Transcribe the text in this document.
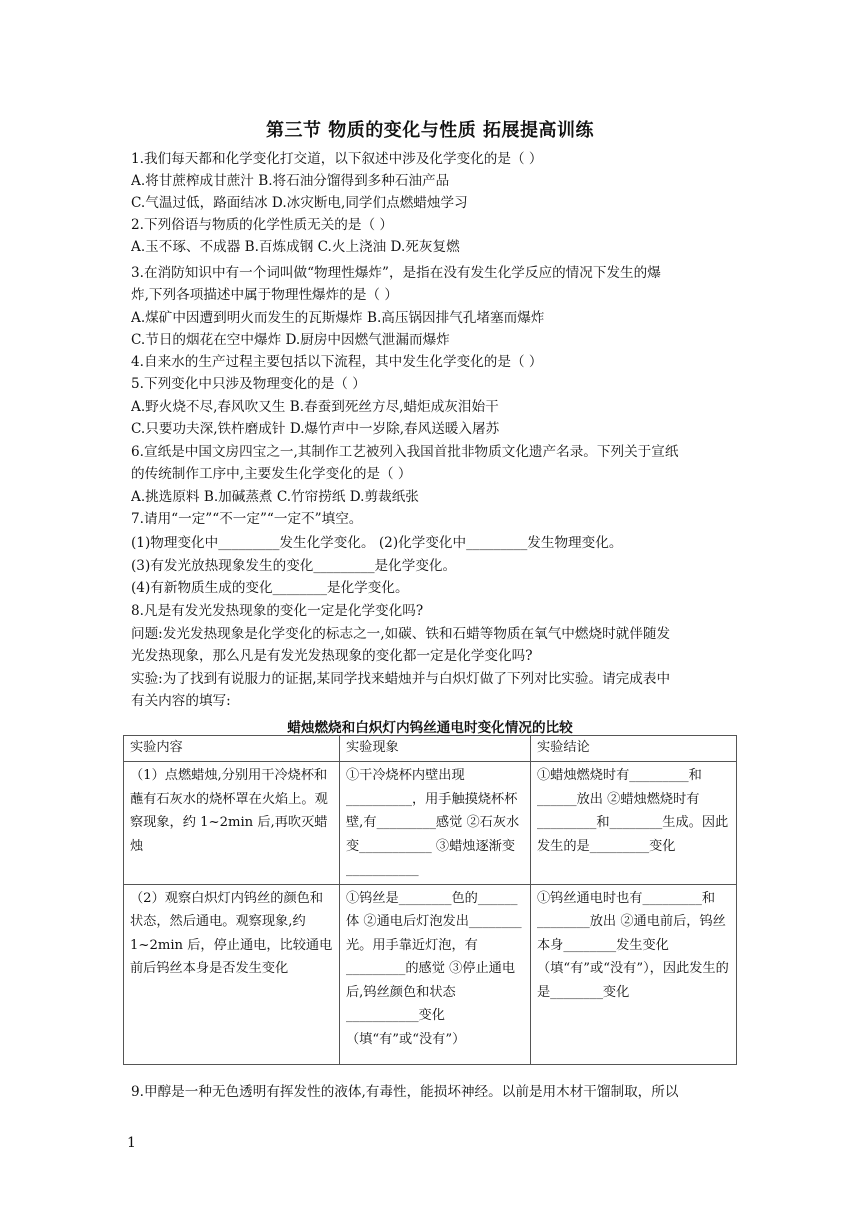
第三节 物质的变化与性质 拓展提高训练
1.我们每天都和化学变化打交道，以下叙述中涉及化学变化的是（ ）
A.将甘蔗榨成甘蔗汁 B.将石油分馏得到多种石油产品
C.气温过低，路面结冰 D.冰灾断电,同学们点燃蜡烛学习
2.下列俗语与物质的化学性质无关的是（ ）
A.玉不琢、不成器 B.百炼成钢 C.火上浇油 D.死灰复燃
3.在消防知识中有一个词叫做“物理性爆炸”，是指在没有发生化学反应的情况下发生的爆
炸,下列各项描述中属于物理性爆炸的是（ ）
A.煤矿中因遭到明火而发生的瓦斯爆炸 B.高压锅因排气孔堵塞而爆炸
C.节日的烟花在空中爆炸 D.厨房中因燃气泄漏而爆炸
4.自来水的生产过程主要包括以下流程，其中发生化学变化的是（ ）
5.下列变化中只涉及物理变化的是（ ）
A.野火烧不尽,春风吹又生 B.春蚕到死丝方尽,蜡炬成灰泪始干
C.只要功夫深,铁杵磨成针 D.爆竹声中一岁除,春风送暖入屠苏
6.宣纸是中国文房四宝之一,其制作工艺被列入我国首批非物质文化遗产名录。下列关于宣纸
的传统制作工序中,主要发生化学变化的是（ ）
A.挑选原料 B.加碱蒸煮 C.竹帘捞纸 D.剪裁纸张
7.请用“一定”“不一定”“一定不”填空。
(1)物理变化中_________发生化学变化。 (2)化学变化中_________发生物理变化。
(3)有发光放热现象发生的变化_________是化学变化。
(4)有新物质生成的变化________是化学变化。
8.凡是有发光发热现象的变化一定是化学变化吗?
问题:发光发热现象是化学变化的标志之一,如碳、铁和石蜡等物质在氧气中燃烧时就伴随发
光发热现象，那么凡是有发光发热现象的变化都一定是化学变化吗?
实验:为了找到有说服力的证据,某同学找来蜡烛并与白炽灯做了下列对比实验。请完成表中
有关内容的填写:
蜡烛燃烧和白炽灯内钨丝通电时变化情况的比较
实验内容	实验现象	实验结论
（1）点燃蜡烛,分别用干冷烧杯和蘸有石灰水的烧杯罩在火焰上。观察现象，约 1~2min 后,再吹灭蜡烛	①干冷烧杯内壁出现__________，用手触摸烧杯杯壁,有_________感觉 ②石灰水变___________ ③蜡烛逐渐变___________	①蜡烛燃烧时有_________和______放出 ②蜡烛燃烧时有_________和________生成。因此发生的是_________变化
（2）观察白炽灯内钨丝的颜色和状态，然后通电。观察现象,约 1~2min 后，停止通电，比较通电前后钨丝本身是否发生变化	①钨丝是________色的______体 ②通电后灯泡发出________光。用手靠近灯泡，有_________的感觉 ③停止通电后,钨丝颜色和状态___________变化（填“有”或“没有”）	①钨丝通电时也有_________和________放出 ②通电前后，钨丝本身________发生变化（填“有”或“没有”），因此发生的是________变化
9.甲醇是一种无色透明有挥发性的液体,有毒性，能损坏神经。以前是用木材干馏制取，所以
1
